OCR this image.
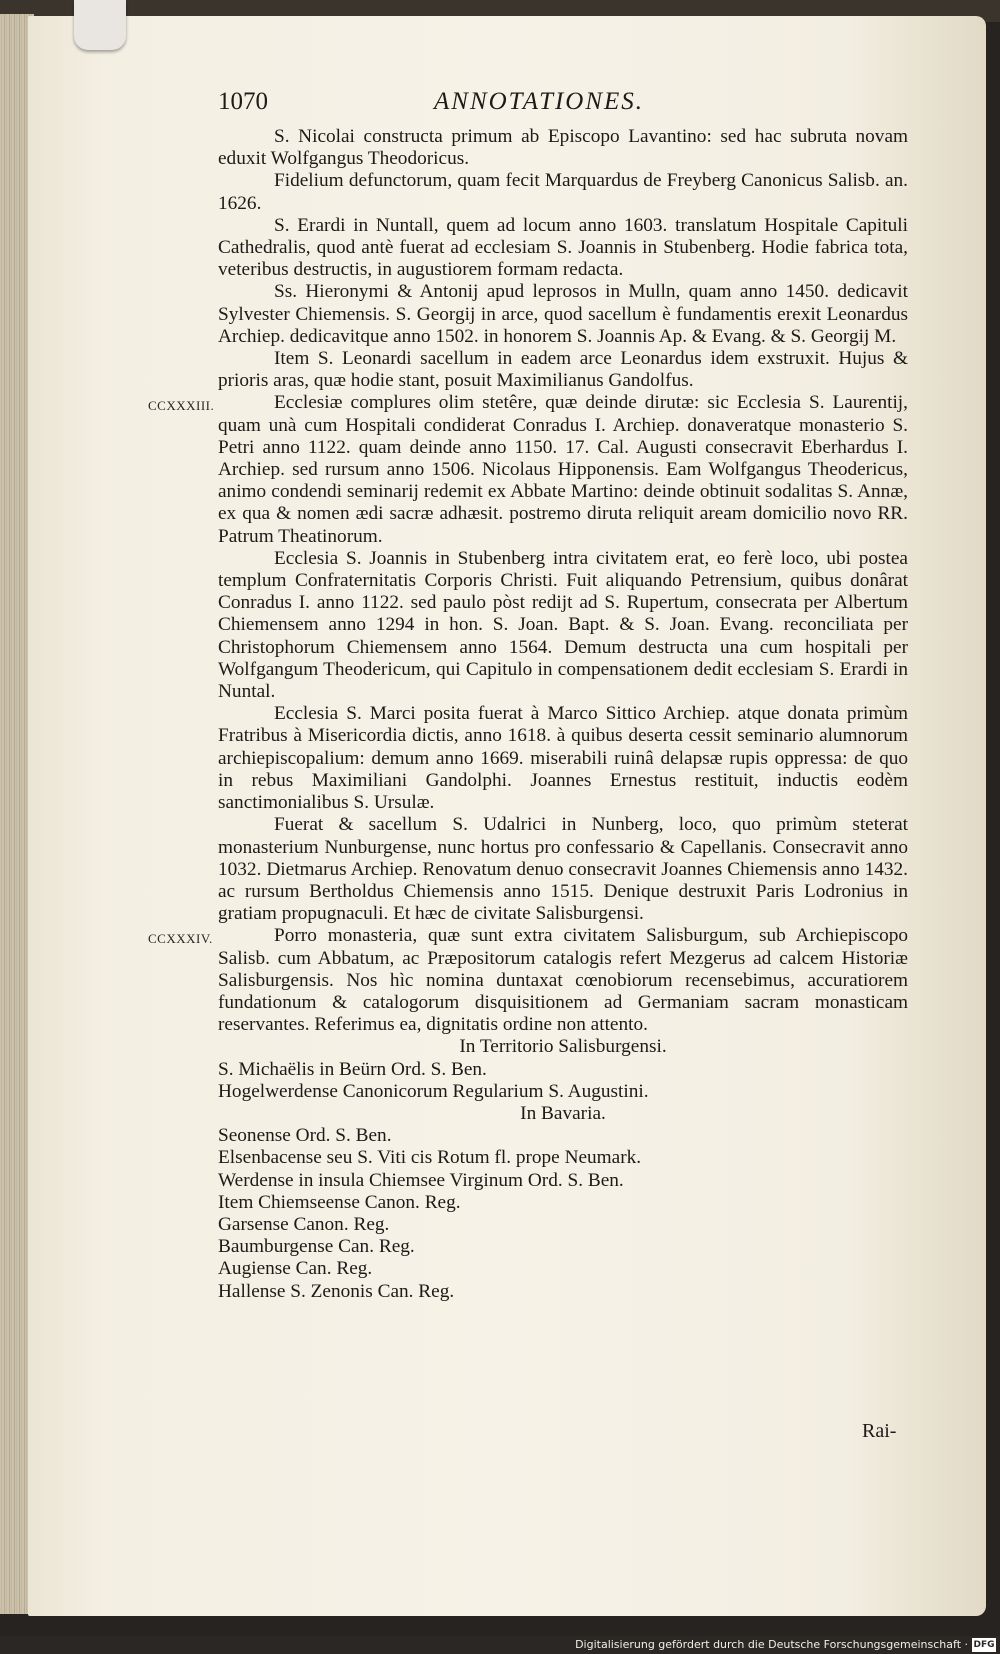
1070	ANNOTATIONES.

S. Nicolai constructa primum ab Episcopo Lavantino: sed hac subruta novam eduxit Wolfgangus Theodoricus.

Fidelium defunctorum, quam fecit Marquardus de Freyberg Canonicus Salisb. an. 1626.

S. Erardi in Nuntall, quem ad locum anno 1603. translatum Hospitale Capituli Cathedralis, quod antè fuerat ad ecclesiam S. Joannis in Stubenberg. Hodie fabrica tota, veteribus destructis, in augustiorem formam redacta.

Ss. Hieronymi & Antonij apud leprosos in Mulln, quam anno 1450. dedicavit Sylvester Chiemensis. S. Georgij in arce, quod sacellum è fundamentis erexit Leonardus Archiep. dedicavitque anno 1502. in honorem S. Joannis Ap. & Evang. & S. Georgij M.

Item S. Leonardi sacellum in eadem arce Leonardus idem exstruxit. Hujus & prioris aras, quæ hodie stant, posuit Maximilianus Gandolfus.

CCXXXIII.	Ecclesiæ complures olim stetêre, quæ deinde dirutæ: sic Ecclesia S. Laurentij, quam unà cum Hospitali condiderat Conradus I. Archiep. donaveratque monasterio S. Petri anno 1122. quam deinde anno 1150. 17. Cal. Augusti consecravit Eberhardus I. Archiep. sed rursum anno 1506. Nicolaus Hipponensis. Eam Wolfgangus Theodericus, animo condendi seminarij redemit ex Abbate Martino: deinde obtinuit sodalitas S. Annæ, ex qua & nomen ædi sacræ adhæsit. postremo diruta reliquit aream domicilio novo RR. Patrum Theatinorum.

Ecclesia S. Joannis in Stubenberg intra civitatem erat, eo ferè loco, ubi postea templum Confraternitatis Corporis Christi. Fuit aliquando Petrensium, quibus donârat Conradus I. anno 1122. sed paulo pòst redijt ad S. Rupertum, consecrata per Albertum Chiemensem anno 1294 in hon. S. Joan. Bapt. & S. Joan. Evang. reconciliata per Christophorum Chiemensem anno 1564. Demum destructa una cum hospitali per Wolfgangum Theodericum, qui Capitulo in compensationem dedit ecclesiam S. Erardi in Nuntal.

Ecclesia S. Marci posita fuerat à Marco Sittico Archiep. atque donata primùm Fratribus à Misericordia dictis, anno 1618. à quibus deserta cessit seminario alumnorum archiepiscopalium: demum anno 1669. miserabili ruinâ delapsæ rupis oppressa: de quo in rebus Maximiliani Gandolphi. Joannes Ernestus restituit, inductis eodèm sanctimonialibus S. Ursulæ.

Fuerat & sacellum S. Udalrici in Nunberg, loco, quo primùm steterat monasterium Nunburgense, nunc hortus pro confessario & Capellanis. Consecravit anno 1032. Dietmarus Archiep. Renovatum denuo consecravit Joannes Chiemensis anno 1432. ac rursum Bertholdus Chiemensis anno 1515. Denique destruxit Paris Lodronius in gratiam propugnaculi. Et hæc de civitate Salisburgensi.

CCXXXIV.	Porro monasteria, quæ sunt extra civitatem Salisburgum, sub Archiepiscopo Salisb. cum Abbatum, ac Præpositorum catalogis refert Mezgerus ad calcem Historiæ Salisburgensis. Nos hìc nomina duntaxat cœnobiorum recensebimus, accuratiorem fundationum & catalogorum disquisitionem ad Germaniam sacram monasticam reservantes. Referimus ea, dignitatis ordine non attento.

In Territorio Salisburgensi.

S. Michaëlis in Beürn Ord. S. Ben.
Hogelwerdense Canonicorum Regularium S. Augustini.

In Bavaria.

Seonense Ord. S. Ben.
Elsenbacense seu S. Viti cis Rotum fl. prope Neumark.
Werdense in insula Chiemsee Virginum Ord. S. Ben.
Item Chiemseense Canon. Reg.
Garsense Canon. Reg.
Baumburgense Can. Reg.
Augiense Can. Reg.
Hallense S. Zenonis Can. Reg.
Rai-
Digitalisierung gefördert durch die Deutsche Forschungsgemeinschaft · DFG
